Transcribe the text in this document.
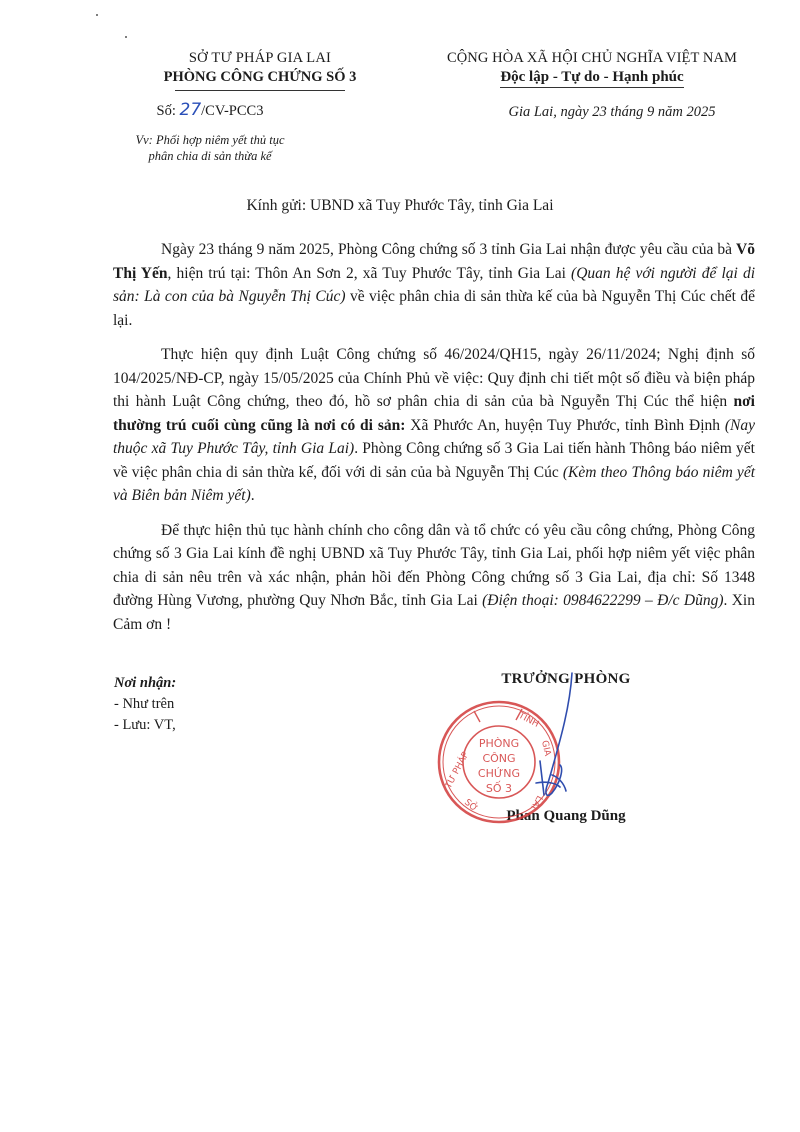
SỞ TƯ PHÁP GIA LAI
PHÒNG CÔNG CHỨNG SỐ 3
CỘNG HÒA XÃ HỘI CHỦ NGHĨA VIỆT NAM
Độc lập - Tự do - Hạnh phúc
Số: 27/CV-PCC3
Vv: Phối hợp niêm yết thủ tục
phân chia di sản thừa kế
Gia Lai, ngày 23 tháng 9 năm 2025
Kính gửi: UBND xã Tuy Phước Tây, tỉnh Gia Lai

Ngày 23 tháng 9 năm 2025, Phòng Công chứng số 3 tỉnh Gia Lai nhận được yêu cầu của bà Võ Thị Yến, hiện trú tại: Thôn An Sơn 2, xã Tuy Phước Tây, tỉnh Gia Lai (Quan hệ với người để lại di sản: Là con của bà Nguyễn Thị Cúc) về việc phân chia di sản thừa kế của bà Nguyễn Thị Cúc chết để lại.

Thực hiện quy định Luật Công chứng số 46/2024/QH15, ngày 26/11/2024; Nghị định số 104/2025/NĐ-CP, ngày 15/05/2025 của Chính Phủ về việc: Quy định chi tiết một số điều và biện pháp thi hành Luật Công chứng, theo đó, hồ sơ phân chia di sản của bà Nguyễn Thị Cúc thể hiện nơi thường trú cuối cùng cũng là nơi có di sản: Xã Phước An, huyện Tuy Phước, tỉnh Bình Định (Nay thuộc xã Tuy Phước Tây, tỉnh Gia Lai). Phòng Công chứng số 3 Gia Lai tiến hành Thông báo niêm yết về việc phân chia di sản thừa kế, đối với di sản của bà Nguyễn Thị Cúc (Kèm theo Thông báo niêm yết và Biên bản Niêm yết).

Để thực hiện thủ tục hành chính cho công dân và tổ chức có yêu cầu công chứng, Phòng Công chứng số 3 Gia Lai kính đề nghị UBND xã Tuy Phước Tây, tỉnh Gia Lai, phối hợp niêm yết việc phân chia di sản nêu trên và xác nhận, phản hồi đến Phòng Công chứng số 3 Gia Lai, địa chỉ: Số 1348 đường Hùng Vương, phường Quy Nhơn Bắc, tỉnh Gia Lai (Điện thoại: 0984622299 – Đ/c Dũng). Xin Cảm ơn !

Nơi nhận:
- Như trên
- Lưu: VT,
TRƯỞNG PHÒNG
Phan Quang Dũng
TƯ PHÁP
TỈNH
GIA
LAI
SỞ
PHÒNG
CÔNG
CHỨNG
SỐ 3
